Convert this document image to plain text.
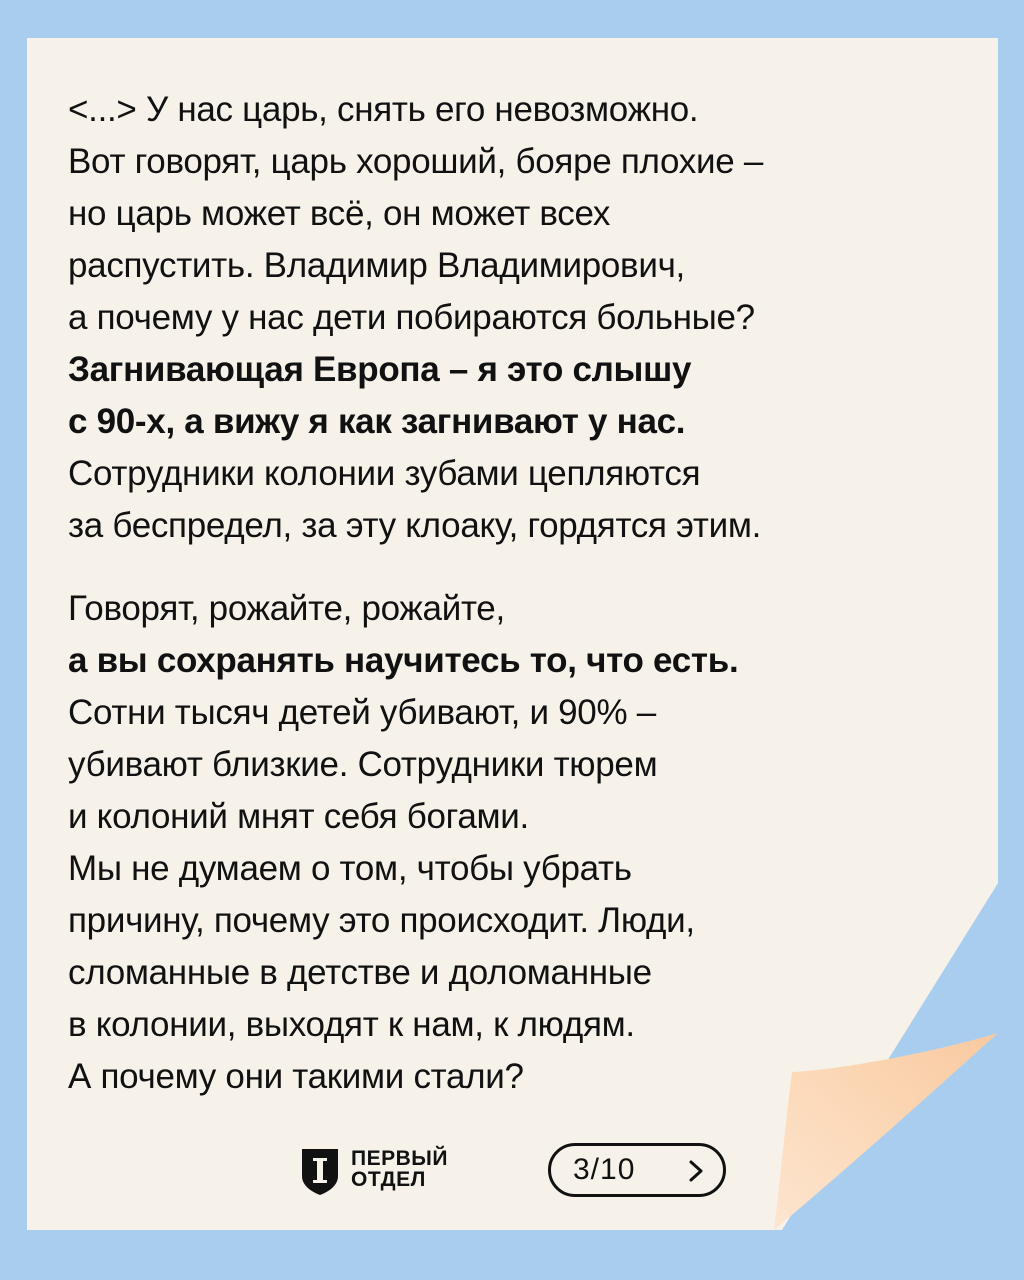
<...> У нас царь, снять его невозможно.
Вот говорят, царь хороший, бояре плохие –
но царь может всё, он может всех
распустить. Владимир Владимирович,
а почему у нас дети побираются больные?
Загнивающая Европа – я это слышу
с 90-х, а вижу я как загнивают у нас.
Сотрудники колонии зубами цепляются
за беспредел, за эту клоаку, гордятся этим.
Говорят, рожайте, рожайте,
а вы сохранять научитесь то, что есть.
Сотни тысяч детей убивают, и 90% –
убивают близкие. Сотрудники тюрем
и колоний мнят себя богами.
Мы не думаем о том, чтобы убрать
причину, почему это происходит. Люди,
сломанные в детстве и доломанные
в колонии, выходят к нам, к людям.
А почему они такими стали?
ПЕРВЫЙ
ОТДЕЛ	3/10
